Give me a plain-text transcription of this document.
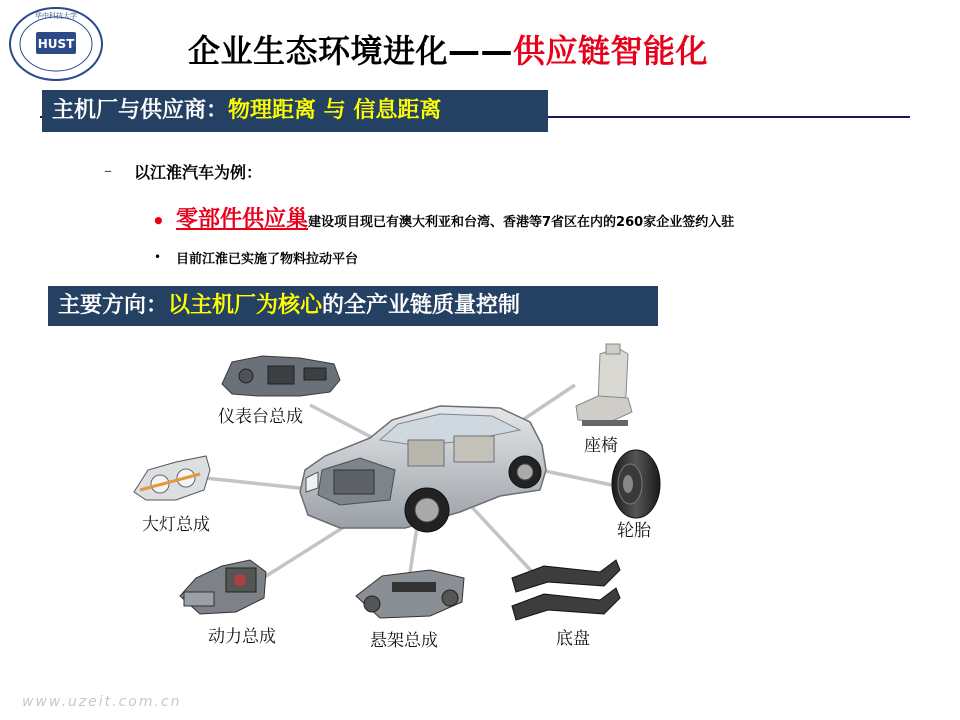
HUST
华中科技大学
企业生态环境进化——供应链智能化
主机厂与供应商：物理距离 与 信息距离
– 以江淮汽车为例：
• 零部件供应巢建设项目现已有澳大利亚和台湾、香港等7省区在内的260家企业签约入驻
• 目前江淮已实施了物料拉动平台
主要方向：以主机厂为核心的全产业链质量控制
仪表台总成
座椅
大灯总成	轮胎
动力总成	悬架总成	底盘
www.uzeit.com.cn
